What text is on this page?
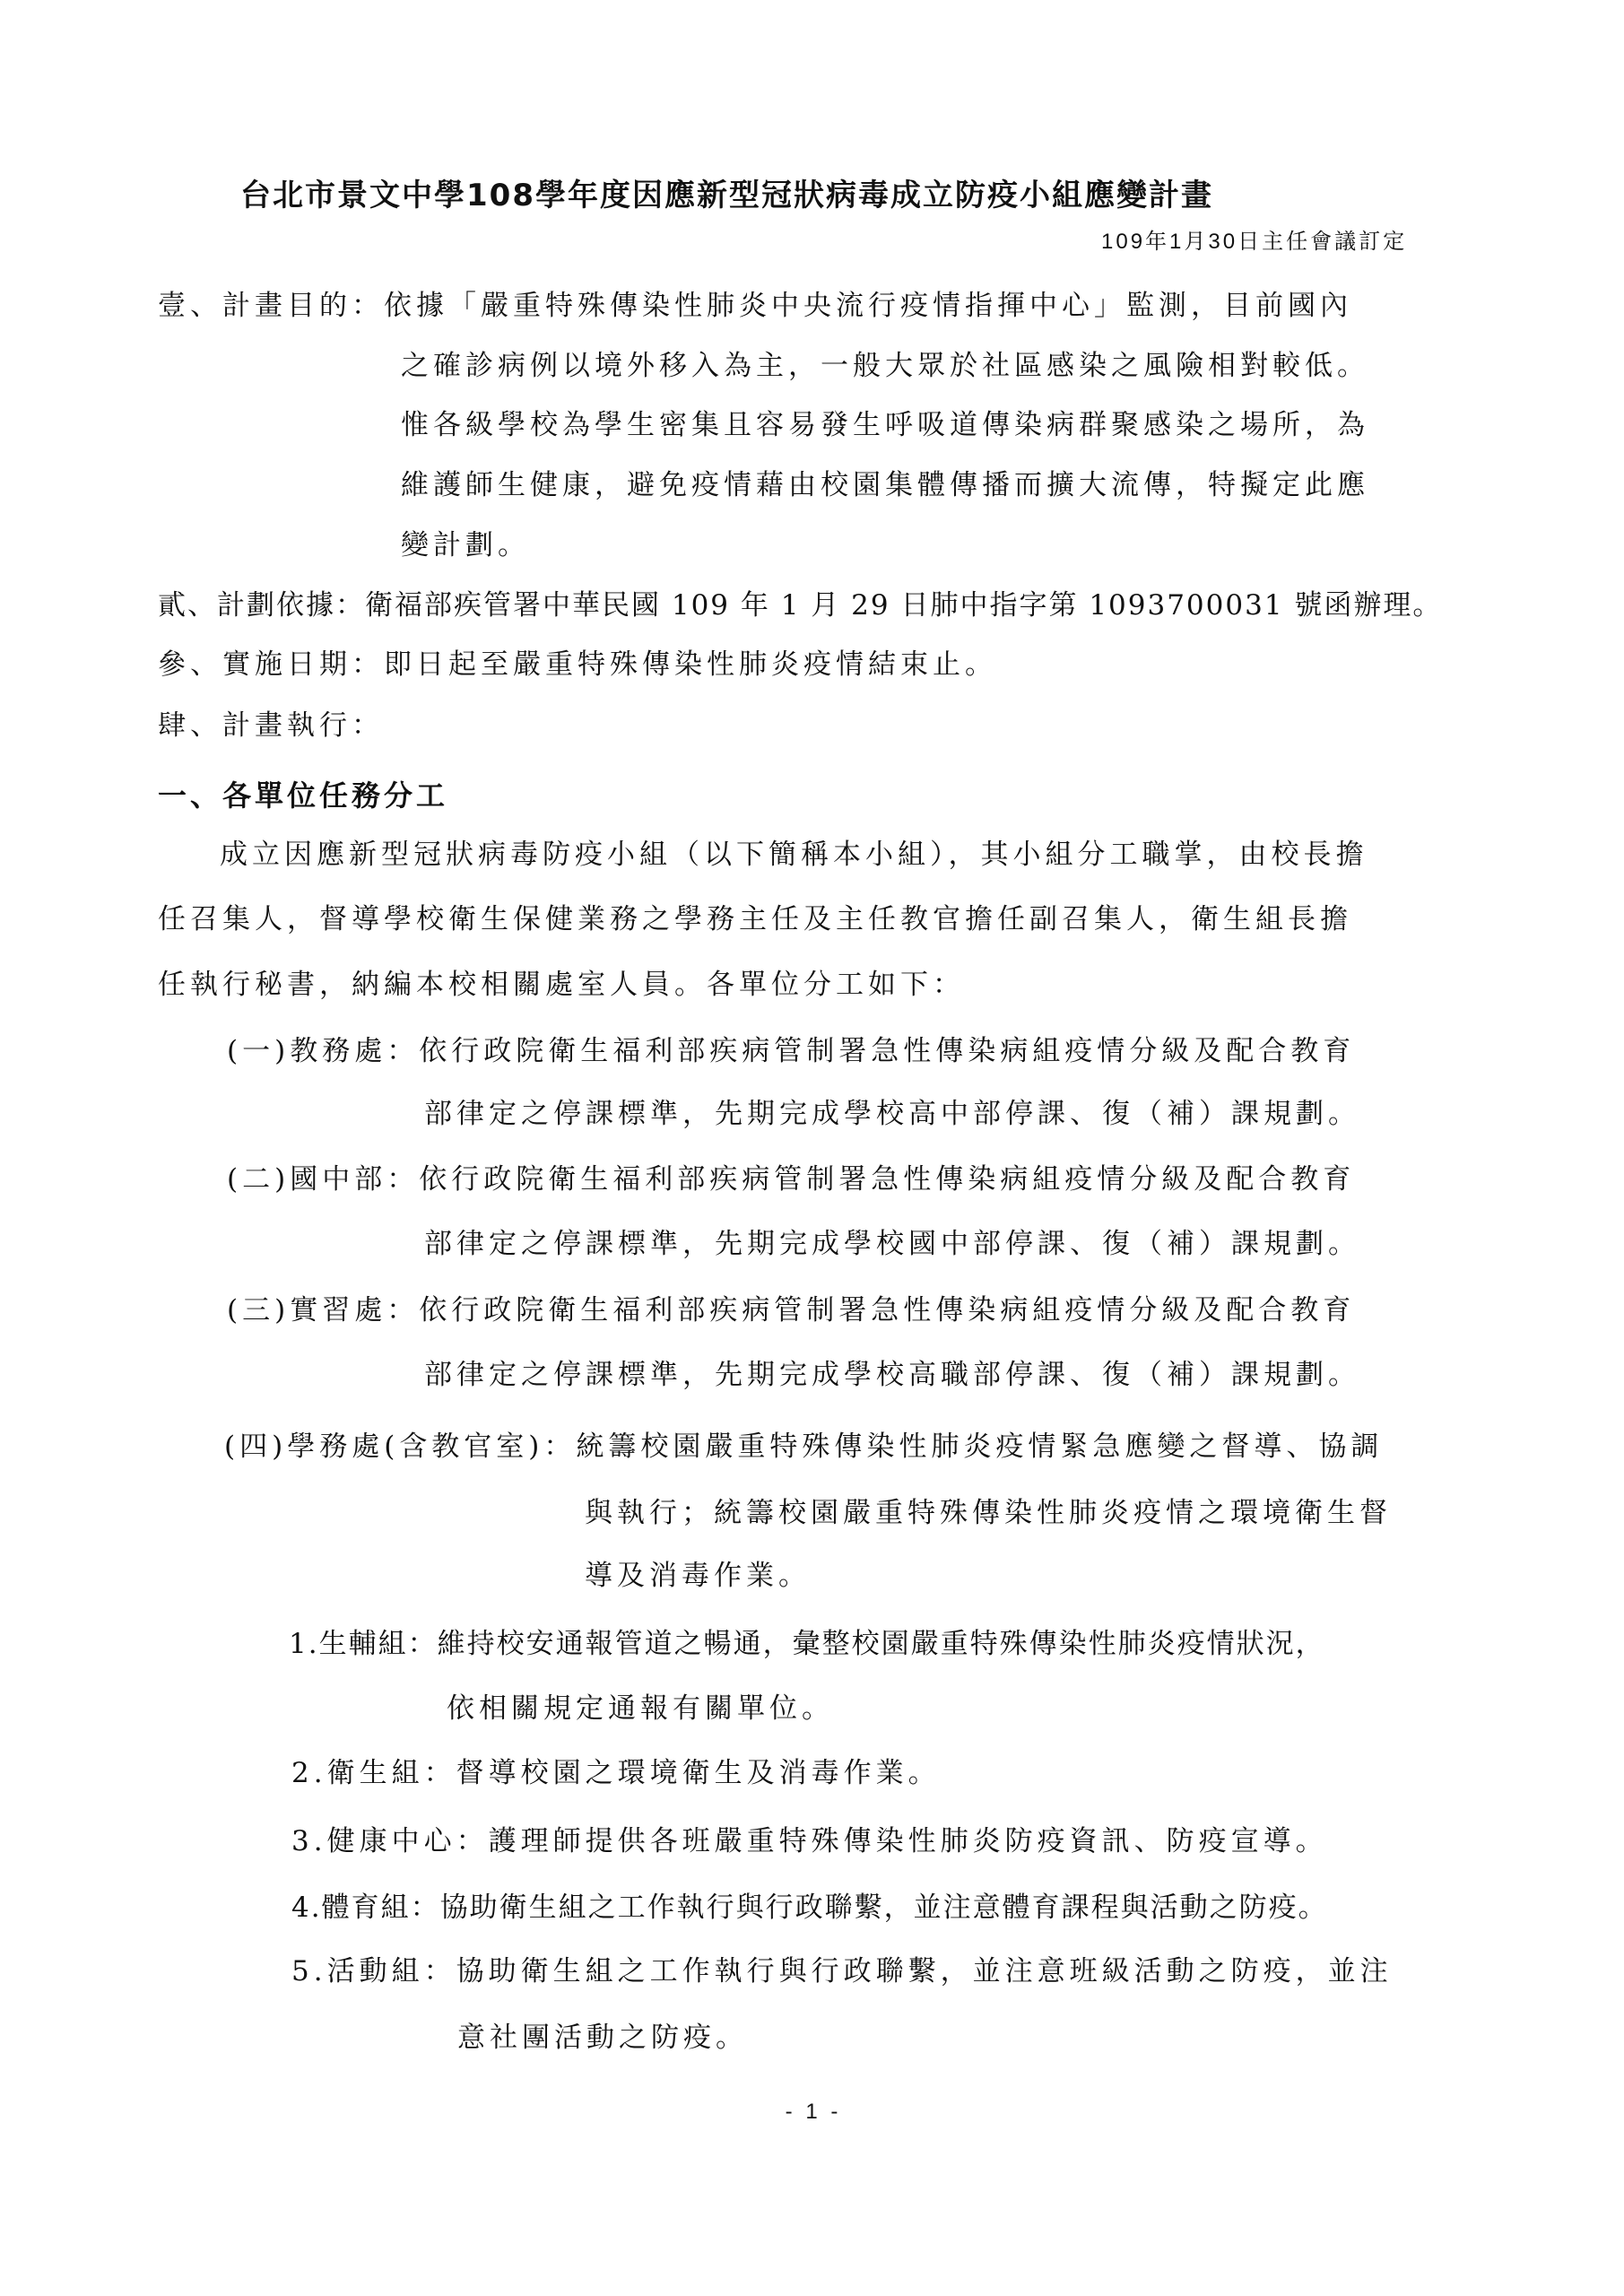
台北市景文中學108學年度因應新型冠狀病毒成立防疫小組應變計畫
109年1月30日主任會議訂定
壹、計畫目的：依據「嚴重特殊傳染性肺炎中央流行疫情指揮中心」監測，目前國內
之確診病例以境外移入為主，一般大眾於社區感染之風險相對較低。
惟各級學校為學生密集且容易發生呼吸道傳染病群聚感染之場所，為
維護師生健康，避免疫情藉由校園集體傳播而擴大流傳，特擬定此應
變計劃。
貳、計劃依據：衛福部疾管署中華民國 109 年 1 月 29 日肺中指字第 1093700031 號函辦理。
參、實施日期：即日起至嚴重特殊傳染性肺炎疫情結束止。
肆、計畫執行：
一、各單位任務分工
成立因應新型冠狀病毒防疫小組（以下簡稱本小組），其小組分工職掌，由校長擔
任召集人，督導學校衛生保健業務之學務主任及主任教官擔任副召集人，衛生組長擔
任執行秘書，納編本校相關處室人員。各單位分工如下：
(一)教務處：依行政院衛生福利部疾病管制署急性傳染病組疫情分級及配合教育
部律定之停課標準，先期完成學校高中部停課、復（補）課規劃。
(二)國中部：依行政院衛生福利部疾病管制署急性傳染病組疫情分級及配合教育
部律定之停課標準，先期完成學校國中部停課、復（補）課規劃。
(三)實習處：依行政院衛生福利部疾病管制署急性傳染病組疫情分級及配合教育
部律定之停課標準，先期完成學校高職部停課、復（補）課規劃。
(四)學務處(含教官室)：統籌校園嚴重特殊傳染性肺炎疫情緊急應變之督導、協調
與執行；統籌校園嚴重特殊傳染性肺炎疫情之環境衛生督
導及消毒作業。
1.生輔組：維持校安通報管道之暢通，彙整校園嚴重特殊傳染性肺炎疫情狀況，
依相關規定通報有關單位。
2.衛生組：督導校園之環境衛生及消毒作業。
3.健康中心：護理師提供各班嚴重特殊傳染性肺炎防疫資訊、防疫宣導。
4.體育組：協助衛生組之工作執行與行政聯繫，並注意體育課程與活動之防疫。
5.活動組：協助衛生組之工作執行與行政聯繫，並注意班級活動之防疫，並注
意社團活動之防疫。
- 1 -
